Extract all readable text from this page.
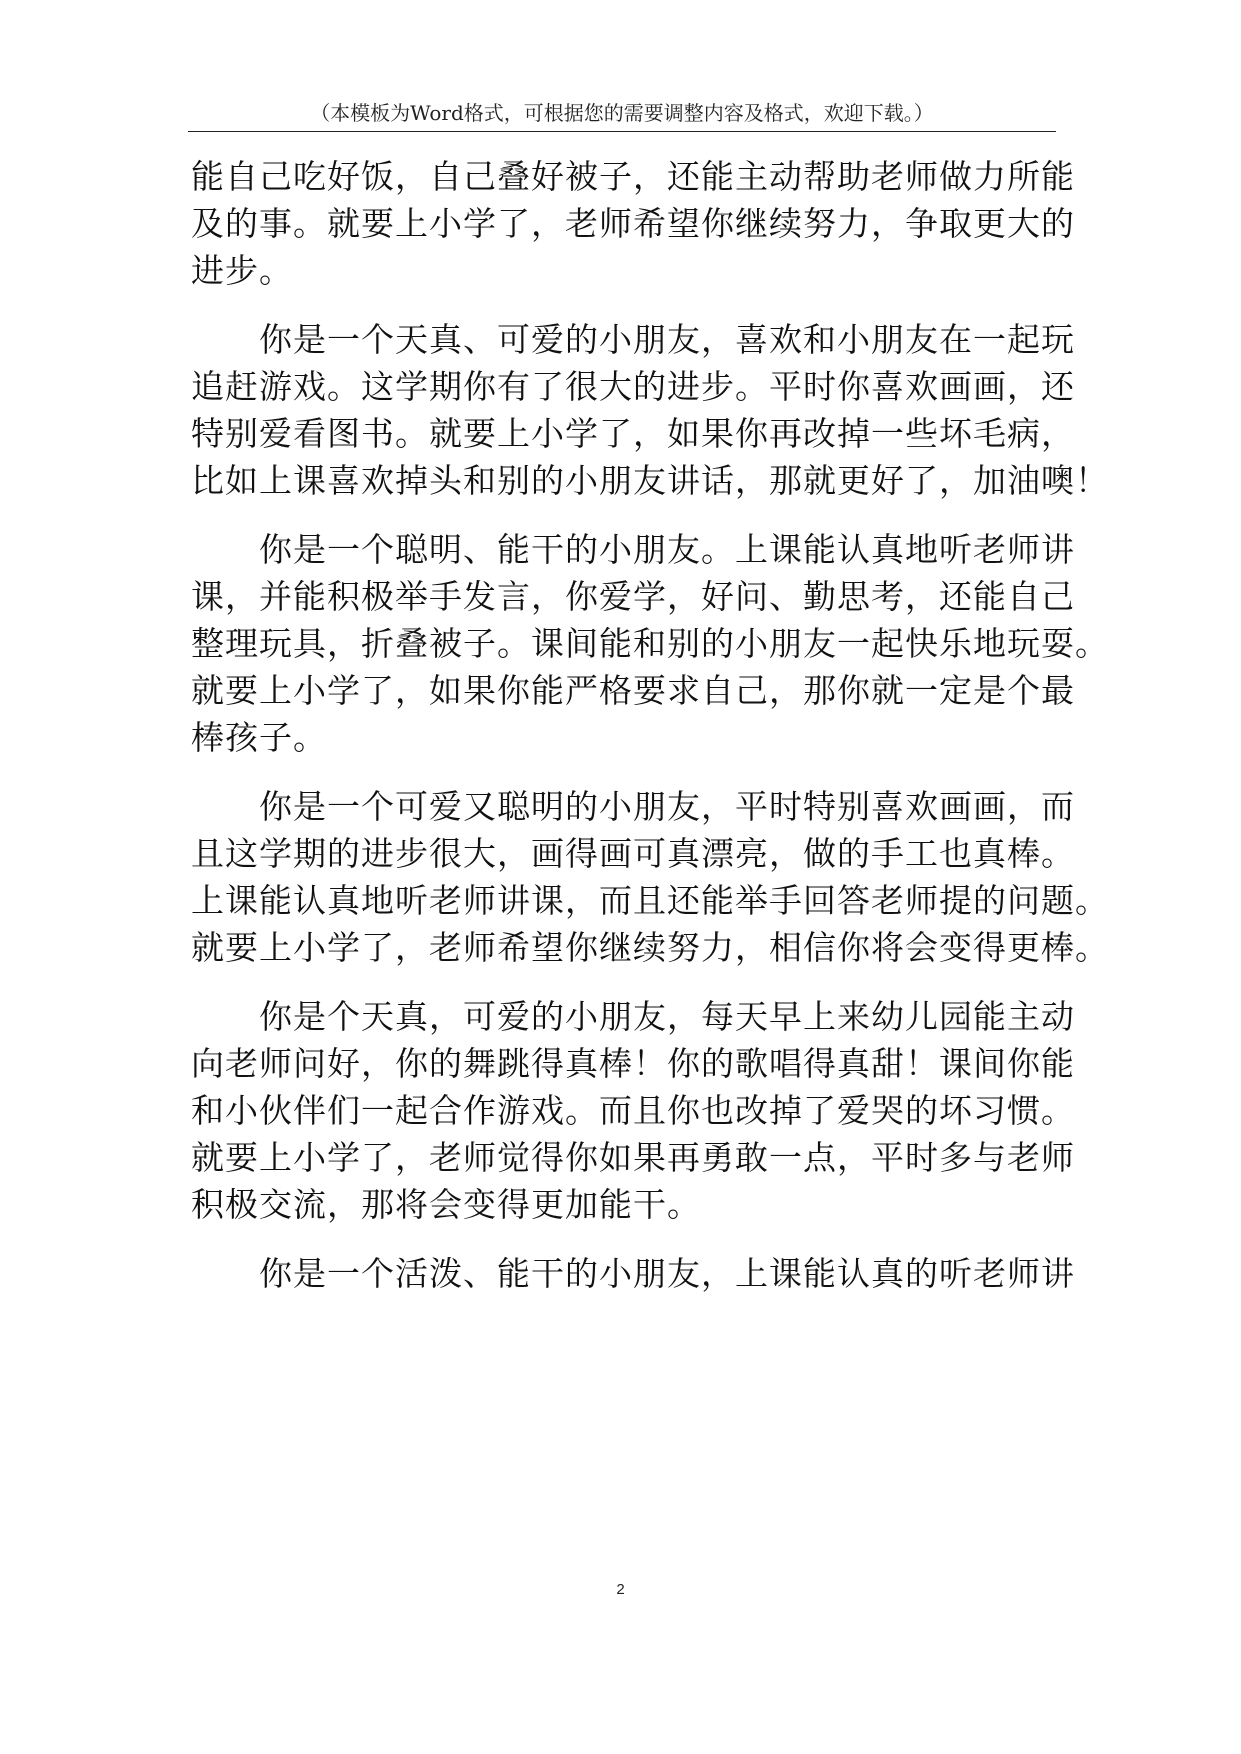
（本模板为Word格式，可根据您的需要调整内容及格式，欢迎下载。）
能自己吃好饭，自己叠好被子，还能主动帮助老师做力所能
及的事。就要上小学了，老师希望你继续努力，争取更大的
进步。
你是一个天真、可爱的小朋友，喜欢和小朋友在一起玩
追赶游戏。这学期你有了很大的进步。平时你喜欢画画，还
特别爱看图书。就要上小学了，如果你再改掉一些坏毛病，
比如上课喜欢掉头和别的小朋友讲话，那就更好了，加油噢！
你是一个聪明、能干的小朋友。上课能认真地听老师讲
课，并能积极举手发言，你爱学，好问、勤思考，还能自己
整理玩具，折叠被子。课间能和别的小朋友一起快乐地玩耍。
就要上小学了，如果你能严格要求自己，那你就一定是个最
棒孩子。
你是一个可爱又聪明的小朋友，平时特别喜欢画画，而
且这学期的进步很大，画得画可真漂亮，做的手工也真棒。
上课能认真地听老师讲课，而且还能举手回答老师提的问题。
就要上小学了，老师希望你继续努力，相信你将会变得更棒。
你是个天真，可爱的小朋友，每天早上来幼儿园能主动
向老师问好，你的舞跳得真棒！你的歌唱得真甜！课间你能
和小伙伴们一起合作游戏。而且你也改掉了爱哭的坏习惯。
就要上小学了，老师觉得你如果再勇敢一点，平时多与老师
积极交流，那将会变得更加能干。
你是一个活泼、能干的小朋友，上课能认真的听老师讲
2
